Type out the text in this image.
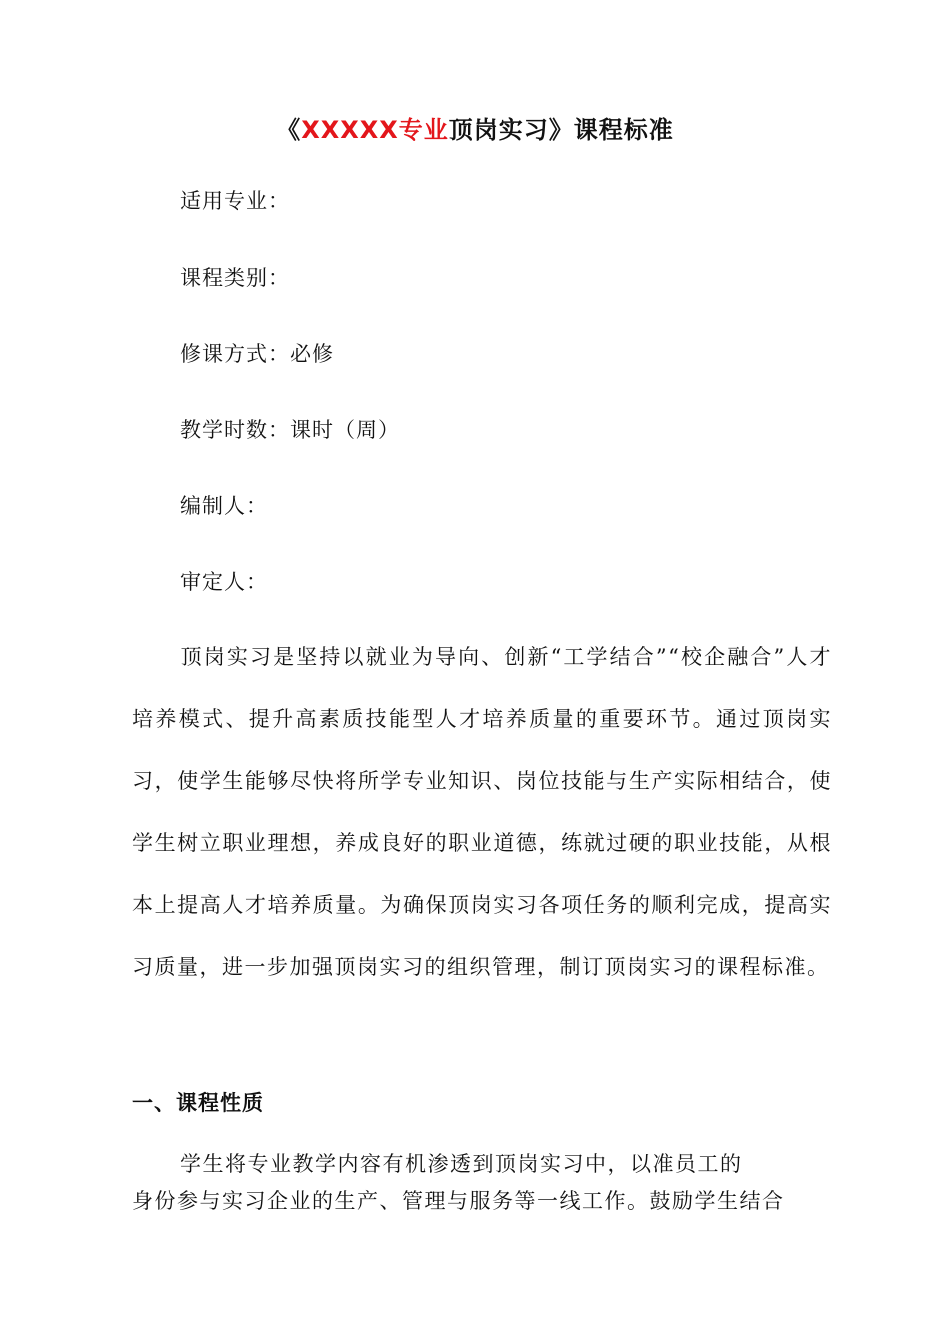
《XXXXX专业顶岗实习》课程标准
适用专业：
课程类别：
修课方式：必修
教学时数：课时（周）
编制人：
审定人：

顶岗实习是坚持以就业为导向、创新“工学结合”“校企融合”人才培养模式、提升高素质技能型人才培养质量的重要环节。通过顶岗实习，使学生能够尽快将所学专业知识、岗位技能与生产实际相结合，使学生树立职业理想，养成良好的职业道德，练就过硬的职业技能，从根本上提高人才培养质量。为确保顶岗实习各项任务的顺利完成，提高实习质量，进一步加强顶岗实习的组织管理，制订顶岗实习的课程标准。

一、课程性质
学生将专业教学内容有机渗透到顶岗实习中，以准员工的
身份参与实习企业的生产、管理与服务等一线工作。鼓励学生结合
